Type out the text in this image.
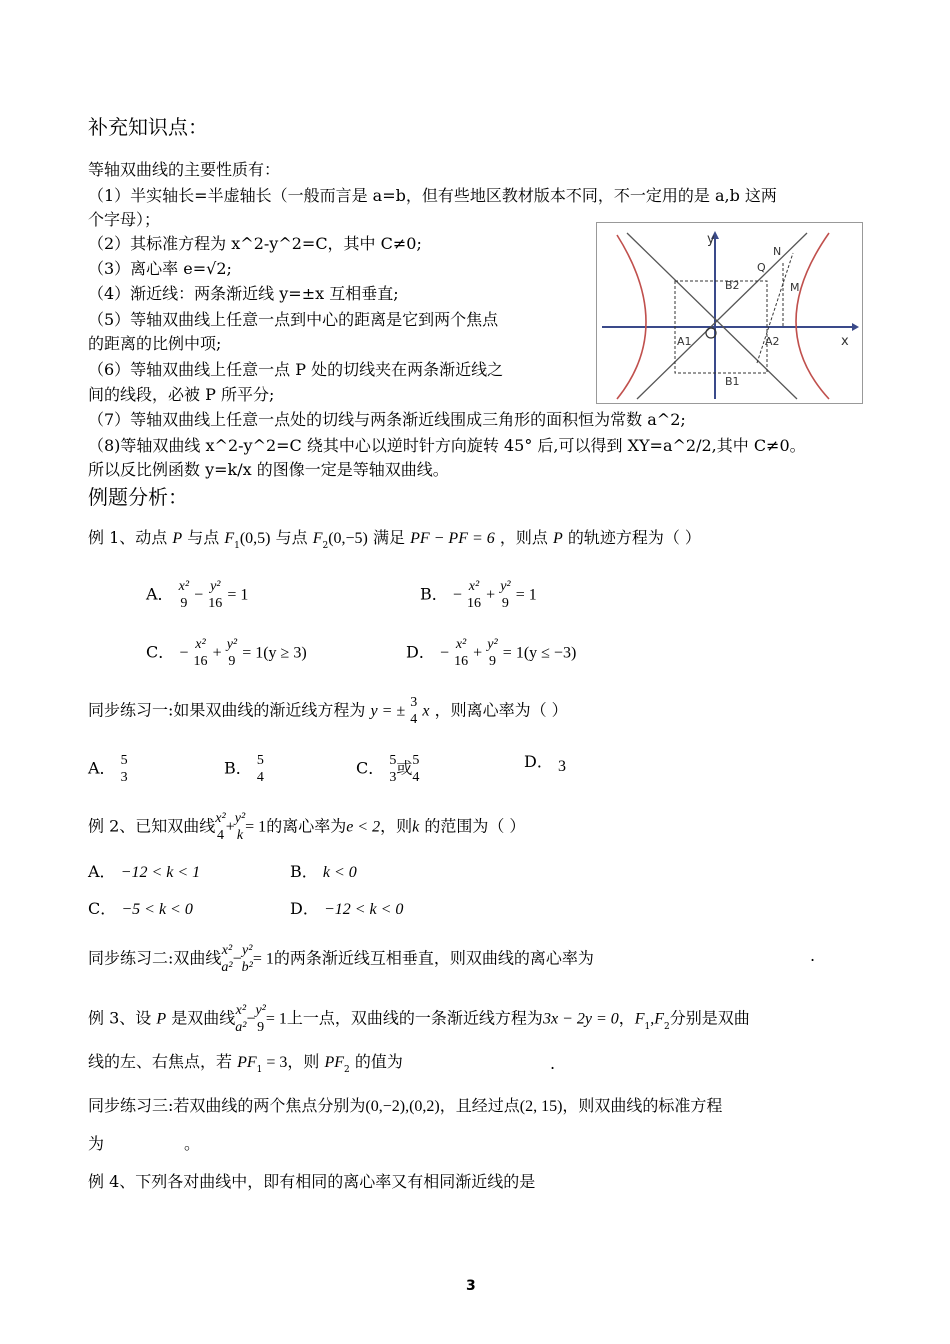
补充知识点：
等轴双曲线的主要性质有：
（1）半实轴长=半虚轴长（一般而言是 a=b，但有些地区教材版本不同，不一定用的是 a,b 这两
个字母）；
（2）其标准方程为 x^2-y^2=C，其中 C≠0;
（3）离心率 e=√2;
（4）渐近线：两条渐近线 y=±x 互相垂直;
（5）等轴双曲线上任意一点到中心的距离是它到两个焦点
的距离的比例中项;
（6）等轴双曲线上任意一点 P 处的切线夹在两条渐近线之
间的线段，必被 P 所平分;
（7）等轴双曲线上任意一点处的切线与两条渐近线围成三角形的面积恒为常数 a^2;
（8)等轴双曲线 x^2-y^2=C 绕其中心以逆时针方向旋转 45° 后,可以得到 XY=a^2/2,其中 C≠0。
所以反比例函数 y=k/x 的图像一定是等轴双曲线。
y
x
N
Q
M
B2
B1
A1	A2
例题分析：
例 1、动点 P 与点 $F_1(0,5)$ 与点 $F_2(0,-5)$ 满足 PF − PF = 6 ，则点 P 的轨迹方程为（ ）
A． x²
9 − y²
16 = 1	B． − x²
16 + y²
9 = 1
C． − x²
16 + y²
9 = 1(y ≥ 3)	D． − x²
16 + y²
9 = 1(y ≤ −3)
同步练习一:如果双曲线的渐近线方程为 y = ± 3
4 x ，则离心率为（ ）
A． 5
3	B． 5
4	C． 5
3 或 5
4
D． 3
例 2、已知双曲线 x²
4 + y²
k = 1的离心率为e < 2，则k 的范围为（ ）
A． −12 < k < 1	B． k < 0
C． −5 < k < 0	D． −12 < k < 0
同步练习二:双曲线 x²
a² − y²
b² = 1的两条渐近线互相垂直，则双曲线的离心率为	.
例 3、设 P 是双曲线 x²
a² − y²
9 = 1上一点，双曲线的一条渐近线方程为3x − 2y = 0，$F_1,F_2$分别是双曲
线的左、右焦点，若 $PF_1 = 3$，则 $PF_2$ 的值为	.
同步练习三:若双曲线的两个焦点分别为(0,−2),(0,2)，且经过点(2, 15)，则双曲线的标准方程
为	。
例 4、下列各对曲线中，即有相同的离心率又有相同渐近线的是
3
